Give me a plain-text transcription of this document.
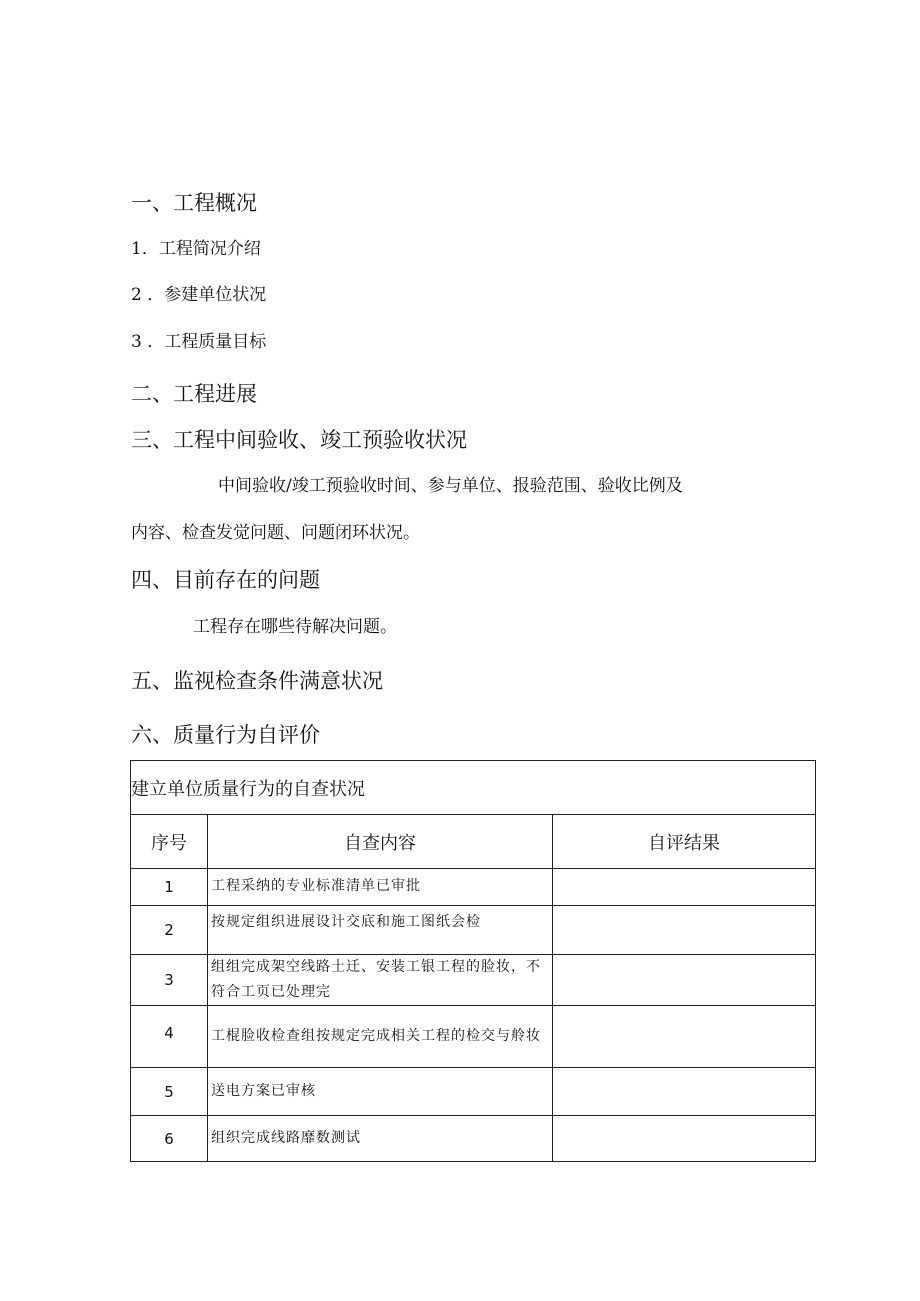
一、工程概况
1．工程简况介绍
2 ．参建单位状况
3 ．工程质量目标
二、工程进展
三、工程中间验收、竣工预验收状况
中间验收/竣工预验收时间、参与单位、报验范围、验收比例及
内容、检查发觉问题、问题闭环状况。
四、目前存在的问题
工程存在哪些待解决问题。
五、监视检查条件满意状况
六、质量行为自评价
建立单位质量行为的自查状况		
序号	自查内容	自评结果
1	工程采纳的专业标准清单已审批	
2	按规定组织进展设计交底和施工图纸会检	
3	组组完成架空线路土迁、安装工银工程的脸妆，不符合工页已处理完	
4	工棍脸收检查组按规定完成相关工程的检交与舲妆	
5	送电方案已审核	
6	组织完成线路靡数测试	
